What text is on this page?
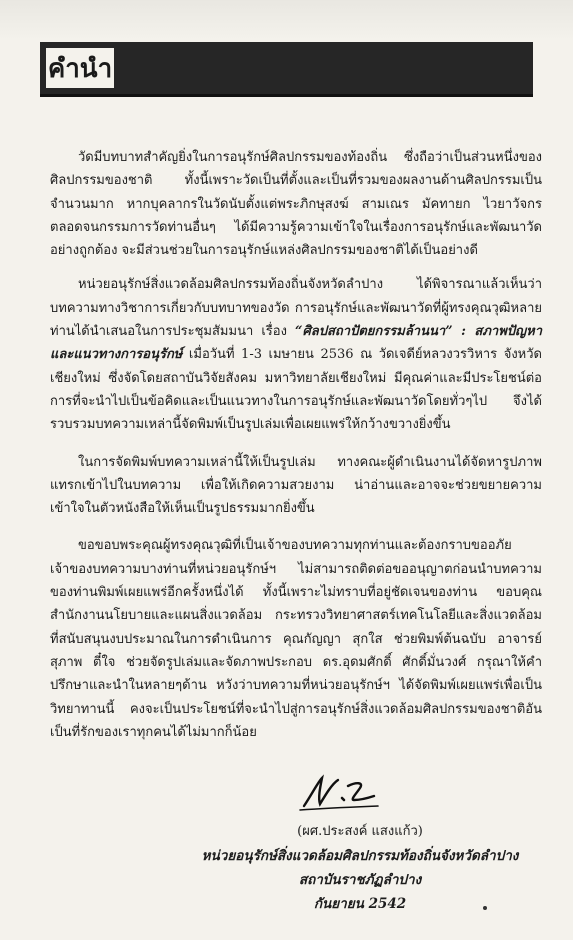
คำนำ

วัดมีบทบาทสำคัญยิ่งในการอนุรักษ์ศิลปกรรมของท้องถิ่น ซึ่งถือว่าเป็นส่วนหนึ่งของศิลปกรรมของชาติ ทั้งนี้เพราะวัดเป็นที่ตั้งและเป็นที่รวมของผลงานด้านศิลปกรรมเป็นจำนวนมาก หากบุคลากรในวัดนับตั้งแต่พระภิกษุสงฆ์ สามเณร มัคทายก ไวยาวัจกร ตลอดจนกรรมการวัดท่านอื่นๆ ได้มีความรู้ความเข้าใจในเรื่องการอนุรักษ์และพัฒนาวัดอย่างถูกต้อง จะมีส่วนช่วยในการอนุรักษ์แหล่งศิลปกรรมของชาติได้เป็นอย่างดี

หน่วยอนุรักษ์สิ่งแวดล้อมศิลปกรรมท้องถิ่นจังหวัดลำปาง ได้พิจารณาแล้วเห็นว่าบทความทางวิชาการเกี่ยวกับบทบาทของวัด การอนุรักษ์และพัฒนาวัดที่ผู้ทรงคุณวุฒิหลายท่านได้นำเสนอในการประชุมสัมมนา เรื่อง “ศิลปสถาปัตยกรรมล้านนา” : สภาพปัญหาและแนวทางการอนุรักษ์ เมื่อวันที่ 1-3 เมษายน 2536 ณ วัดเจดีย์หลวงวรวิหาร จังหวัดเชียงใหม่ ซึ่งจัดโดยสถาบันวิจัยสังคม มหาวิทยาลัยเชียงใหม่ มีคุณค่าและมีประโยชน์ต่อการที่จะนำไปเป็นข้อคิดและเป็นแนวทางในการอนุรักษ์และพัฒนาวัดโดยทั่วๆไป จึงได้รวบรวมบทความเหล่านี้จัดพิมพ์เป็นรูปเล่มเพื่อเผยแพร่ให้กว้างขวางยิ่งขึ้น

ในการจัดพิมพ์บทความเหล่านี้ให้เป็นรูปเล่ม ทางคณะผู้ดำเนินงานได้จัดหารูปภาพแทรกเข้าไปในบทความ เพื่อให้เกิดความสวยงาม น่าอ่านและอาจจะช่วยขยายความเข้าใจในตัวหนังสือให้เห็นเป็นรูปธรรมมากยิ่งขึ้น

ขอขอบพระคุณผู้ทรงคุณวุฒิที่เป็นเจ้าของบทความทุกท่านและต้องกราบขออภัยเจ้าของบทความบางท่านที่หน่วยอนุรักษ์ฯ ไม่สามารถติดต่อขออนุญาตก่อนนำบทความของท่านพิมพ์เผยแพร่อีกครั้งหนึ่งได้ ทั้งนี้เพราะไม่ทราบที่อยู่ชัดเจนของท่าน ขอบคุณสำนักงานนโยบายและแผนสิ่งแวดล้อม กระทรวงวิทยาศาสตร์เทคโนโลยีและสิ่งแวดล้อม ที่สนับสนุนงบประมาณในการดำเนินการ คุณกัญญา สุกใส ช่วยพิมพ์ต้นฉบับ อาจารย์สุภาพ ตี๋ใจ ช่วยจัดรูปเล่มและจัดภาพประกอบ ดร.อุดมศักดิ์ ศักดิ์มั่นวงศ์ กรุณาให้คำปรึกษาและนำในหลายๆด้าน หวังว่าบทความที่หน่วยอนุรักษ์ฯ ได้จัดพิมพ์เผยแพร่เพื่อเป็นวิทยาทานนี้ คงจะเป็นประโยชน์ที่จะนำไปสู่การอนุรักษ์สิ่งแวดล้อมศิลปกรรมของชาติอันเป็นที่รักของเราทุกคนได้ไม่มากก็น้อย

(ผศ.ประสงค์ แสงแก้ว)
หน่วยอนุรักษ์สิ่งแวดล้อมศิลปกรรมท้องถิ่นจังหวัดลำปาง
สถาบันราชภัฏลำปาง
กันยายน 2542
